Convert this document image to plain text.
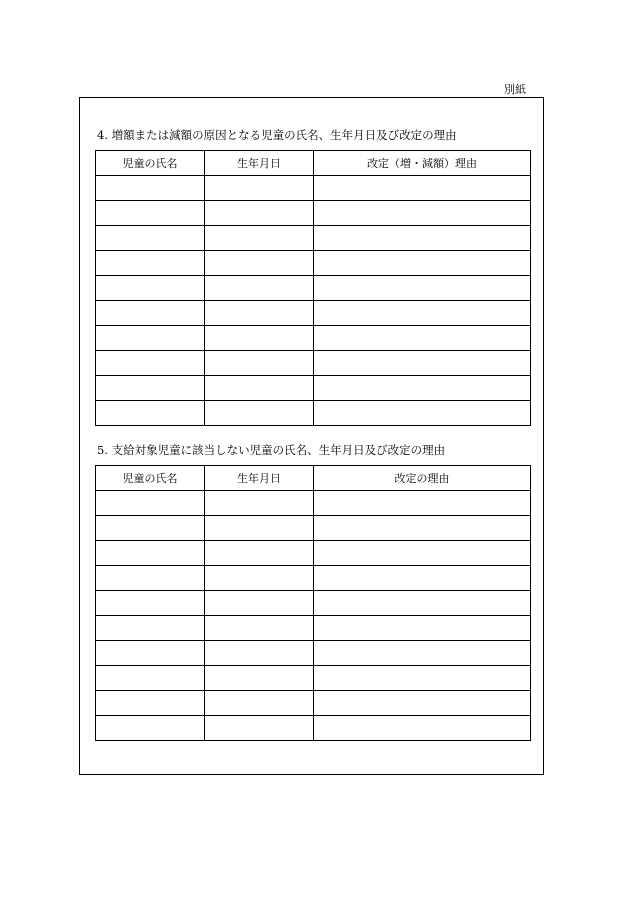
別紙
4. 増額または減額の原因となる児童の氏名、生年月日及び改定の理由
児童の氏名	生年月日	改定（増・減額）理由

5. 支給対象児童に該当しない児童の氏名、生年月日及び改定の理由
児童の氏名	生年月日	改定の理由
